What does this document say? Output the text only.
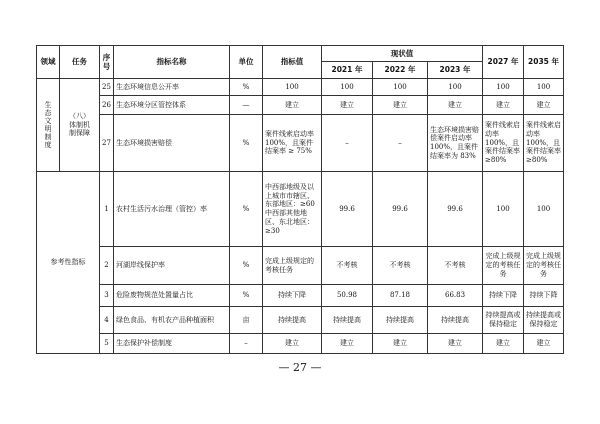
领域	任务	序号	指标名称	单位	指标值	现状值			2027 年	2035 年
						2021 年	2022 年	2023 年		
生态文明制度	（八）体制机制保障	25	生态环境信息公开率	%	100	100	100	100	100	100
		26	生态环境分区管控体系	—	建立	建立	建立	建立	建立	建立
		27	生态环境损害赔偿	%	案件线索启动率 100%，且案件结案率 ≥ 75%	–	–	生态环境损害赔偿案件启动率 100%，且案件结案率为 83%	案件线索启动率 100%，且案件结案率≥80%	案件线索启动率 100%，且案件结案率≥80%
参考性指标		1	农村生活污水治理（管控）率	%	中西部地级及以上城市市辖区、东部地区：≥60 中西部其他地区、东北地区：≥30	99.6	99.6	99.6	100	100
		2	河湖岸线保护率	%	完成上级规定的考核任务	不考核	不考核	不考核	完成上级规定的考核任务	完成上级规定的考核任务
		3	危险废物规范处置量占比	%	持续下降	50.98	87.18	66.83	持续下降	持续下降
		4	绿色食品、有机农产品种植面积	亩	持续提高	持续提高	持续提高	持续提高	持续提高或保持稳定	持续提高或保持稳定
		5	生态保护补偿制度	–	建立	建立	建立	建立	建立	建立
— 27 —
